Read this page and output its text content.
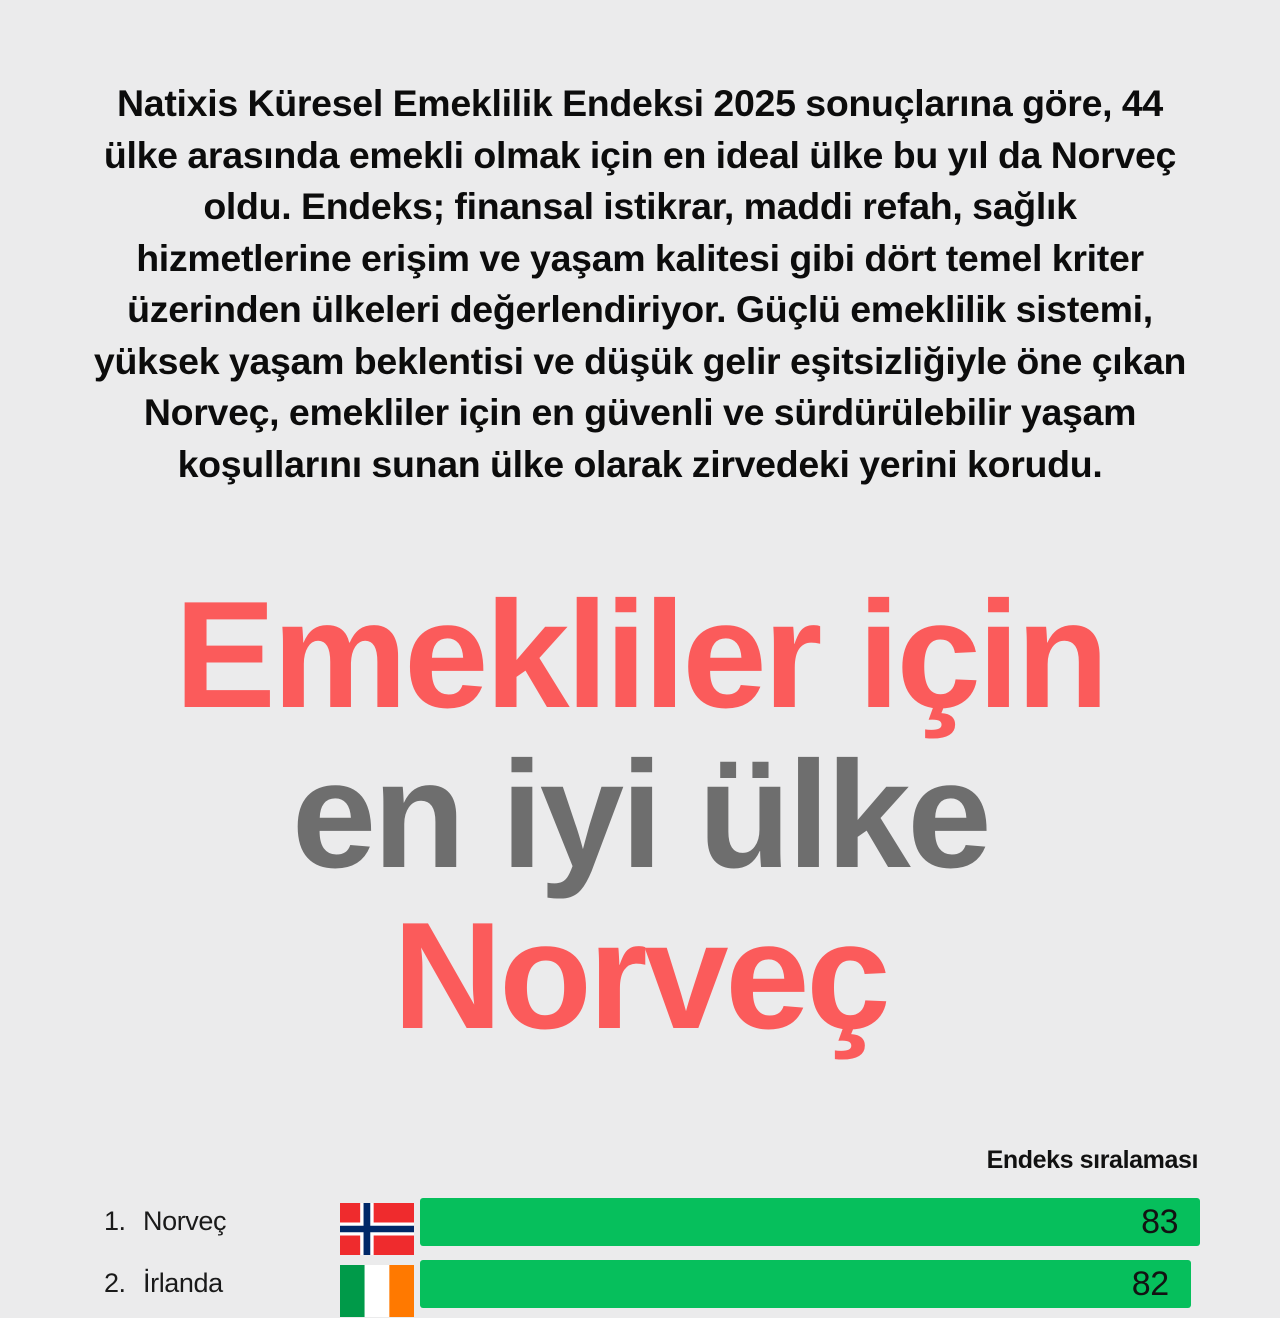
Natixis Küresel Emeklilik Endeksi 2025 sonuçlarına göre, 44 ülke arasında emekli olmak için en ideal ülke bu yıl da Norveç oldu. Endeks; finansal istikrar, maddi refah, sağlık hizmetlerine erişim ve yaşam kalitesi gibi dört temel kriter üzerinden ülkeleri değerlendiriyor. Güçlü emeklilik sistemi, yüksek yaşam beklentisi ve düşük gelir eşitsizliğiyle öne çıkan Norveç, emekliler için en güvenli ve sürdürülebilir yaşam koşullarını sunan ülke olarak zirvedeki yerini korudu.

Emekliler için
en iyi ülke
Norveç
Endeks sıralaması
1. Norveç	83
2. İrlanda	82
